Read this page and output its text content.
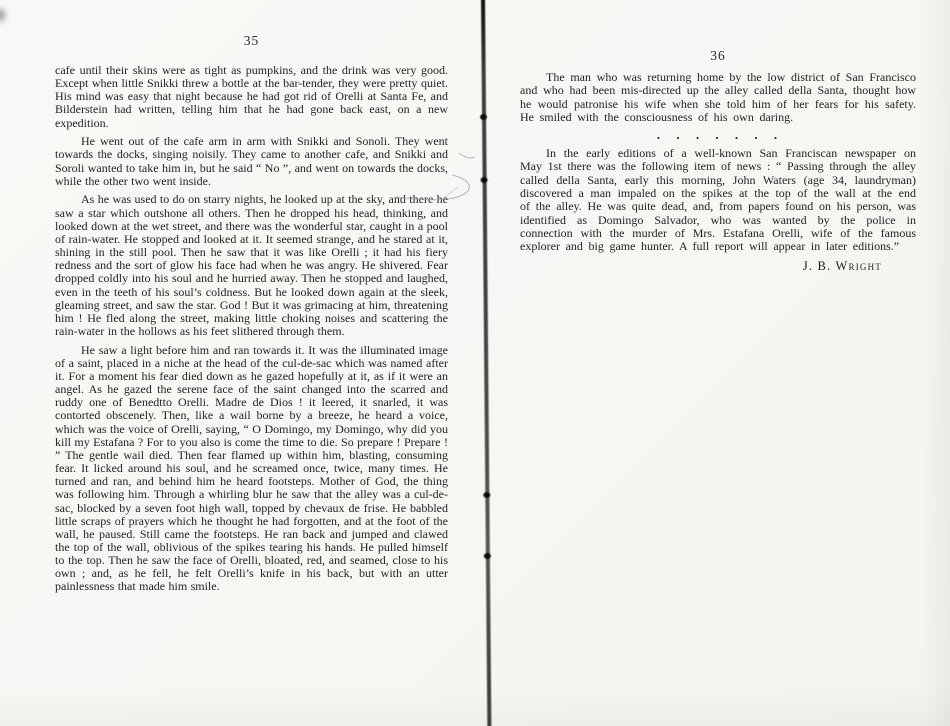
35

cafe until their skins were as tight as pumpkins, and the drink was very good. Except when little Snikki threw a bottle at the bar-tender, they were pretty quiet. His mind was easy that night because he had got rid of Orelli at Santa Fe, and Bilderstein had written, telling him that he had gone back east, on a new expedition.

He went out of the cafe arm in arm with Snikki and Sonoli. They went towards the docks, singing noisily. They came to another cafe, and Snikki and Soroli wanted to take him in, but he said “ No ”, and went on towards the docks, while the other two went inside.

As he was used to do on starry nights, he looked up at the sky, and there he saw a star which outshone all others. Then he dropped his head, thinking, and looked down at the wet street, and there was the wonderful star, caught in a pool of rain-water. He stopped and looked at it. It seemed strange, and he stared at it, shining in the still pool. Then he saw that it was like Orelli ; it had his fiery redness and the sort of glow his face had when he was angry. He shivered. Fear dropped coldly into his soul and he hurried away. Then he stopped and laughed, even in the teeth of his soul’s coldness. But he looked down again at the sleek, gleaming street, and saw the star. God ! But it was grimacing at him, threatening him ! He fled along the street, making little choking noises and scattering the rain-water in the hollows as his feet slithered through them.

He saw a light before him and ran towards it. It was the illuminated image of a saint, placed in a niche at the head of the cul-de-sac which was named after it. For a moment his fear died down as he gazed hopefully at it, as if it were an angel. As he gazed the serene face of the saint changed into the scarred and ruddy one of Benedtto Orelli. Madre de Dios ! it leered, it snarled, it was contorted obscenely. Then, like a wail borne by a breeze, he heard a voice, which was the voice of Orelli, saying, “ O Domingo, my Domingo, why did you kill my Estafana ? For to you also is come the time to die. So prepare ! Prepare ! ” The gentle wail died. Then fear flamed up within him, blasting, consuming fear. It licked around his soul, and he screamed once, twice, many times. He turned and ran, and behind him he heard footsteps. Mother of God, the thing was following him. Through a whirling blur he saw that the alley was a cul-de-sac, blocked by a seven foot high wall, topped by chevaux de frise. He babbled little scraps of prayers which he thought he had forgotten, and at the foot of the wall, he paused. Still came the footsteps. He ran back and jumped and clawed the top of the wall, oblivious of the spikes tearing his hands. He pulled himself to the top. Then he saw the face of Orelli, bloated, red, and seamed, close to his own ; and, as he fell, he felt Orelli’s knife in his back, but with an utter painlessness that made him smile.

36

The man who was returning home by the low district of San Francisco and who had been mis-directed up the alley called della Santa, thought how he would patronise his wife when she told him of her fears for his safety. He smiled with the consciousness of his own daring.

. . . . . . .

In the early editions of a well-known San Franciscan newspaper on May 1st there was the following item of news : “ Passing through the alley called della Santa, early this morning, John Waters (age 34, laundryman) discovered a man impaled on the spikes at the top of the wall at the end of the alley. He was quite dead, and, from papers found on his person, was identified as Domingo Salvador, who was wanted by the police in connection with the murder of Mrs. Estafana Orelli, wife of the famous explorer and big game hunter. A full report will appear in later editions.”

J. B. Wright
